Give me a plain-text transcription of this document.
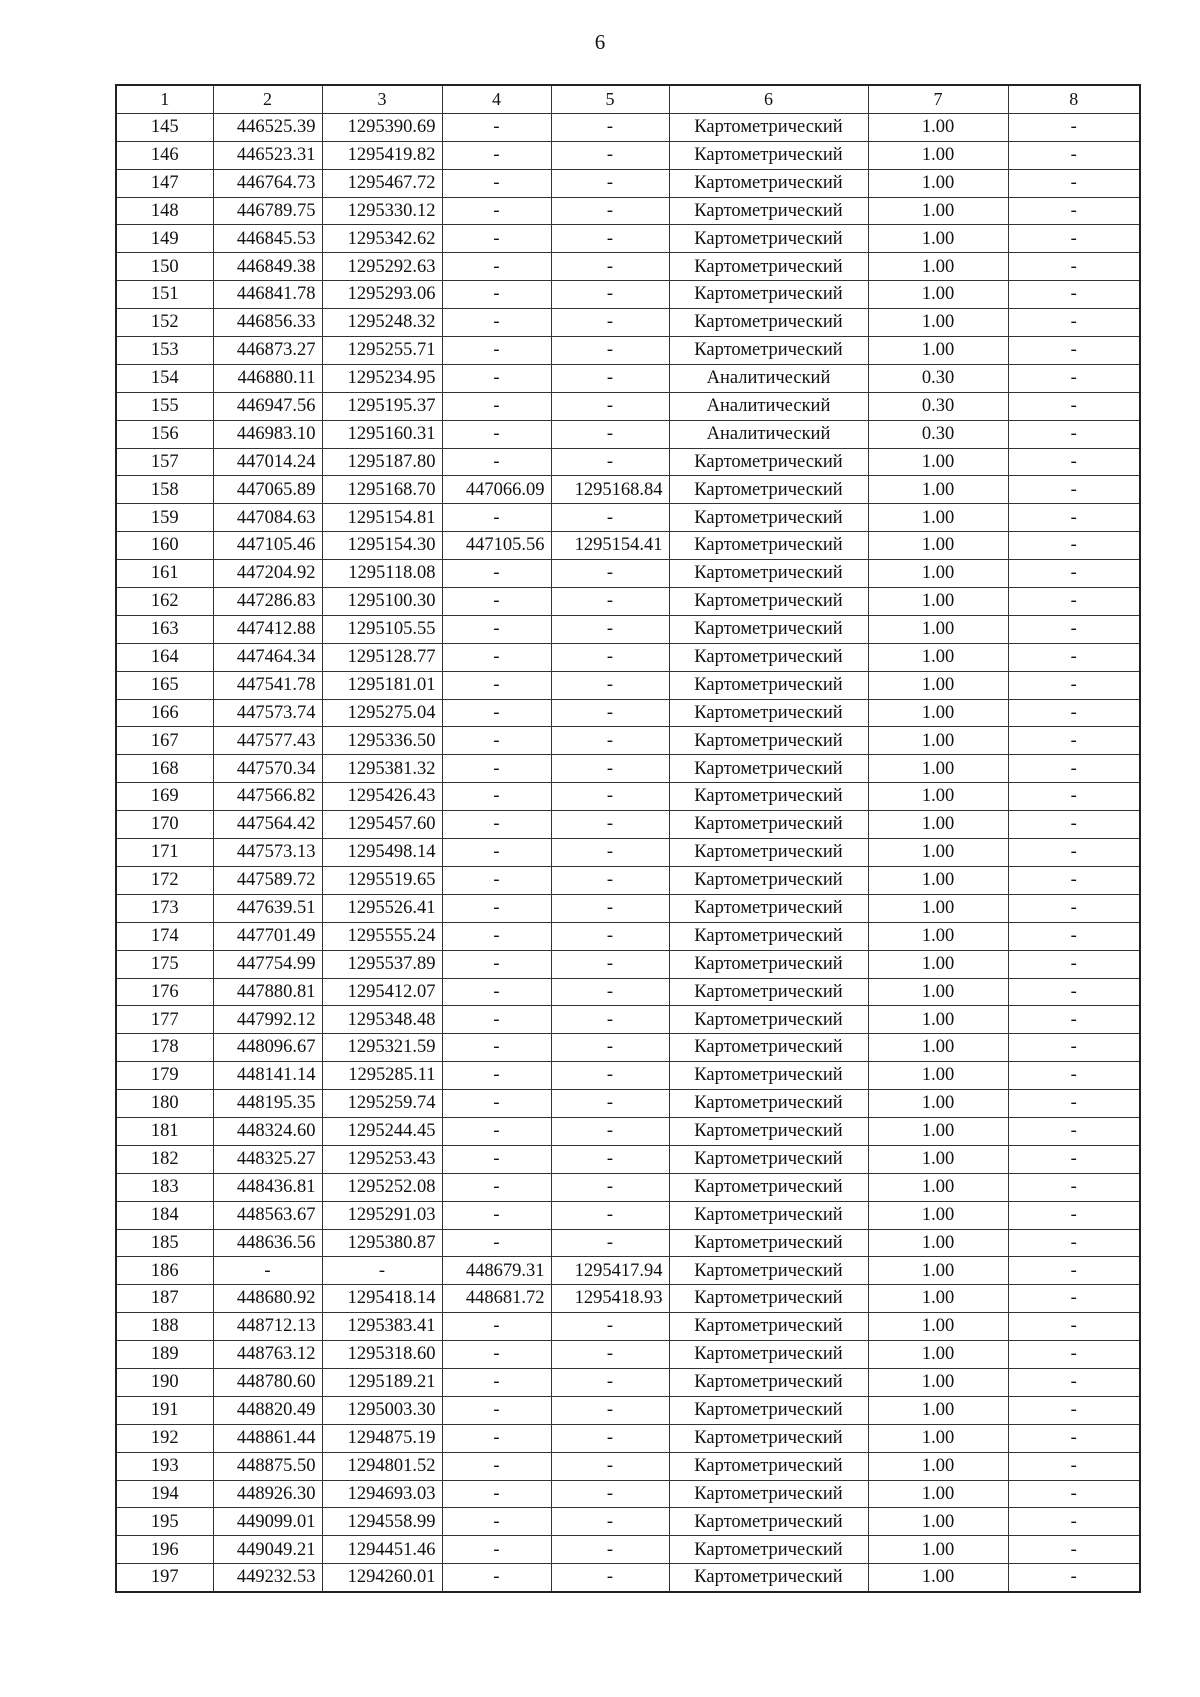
6
1	2	3	4	5	6	7	8
145	446525.39	1295390.69	-	-	Картометрический	1.00	-
146	446523.31	1295419.82	-	-	Картометрический	1.00	-
147	446764.73	1295467.72	-	-	Картометрический	1.00	-
148	446789.75	1295330.12	-	-	Картометрический	1.00	-
149	446845.53	1295342.62	-	-	Картометрический	1.00	-
150	446849.38	1295292.63	-	-	Картометрический	1.00	-
151	446841.78	1295293.06	-	-	Картометрический	1.00	-
152	446856.33	1295248.32	-	-	Картометрический	1.00	-
153	446873.27	1295255.71	-	-	Картометрический	1.00	-
154	446880.11	1295234.95	-	-	Аналитический	0.30	-
155	446947.56	1295195.37	-	-	Аналитический	0.30	-
156	446983.10	1295160.31	-	-	Аналитический	0.30	-
157	447014.24	1295187.80	-	-	Картометрический	1.00	-
158	447065.89	1295168.70	447066.09	1295168.84	Картометрический	1.00	-
159	447084.63	1295154.81	-	-	Картометрический	1.00	-
160	447105.46	1295154.30	447105.56	1295154.41	Картометрический	1.00	-
161	447204.92	1295118.08	-	-	Картометрический	1.00	-
162	447286.83	1295100.30	-	-	Картометрический	1.00	-
163	447412.88	1295105.55	-	-	Картометрический	1.00	-
164	447464.34	1295128.77	-	-	Картометрический	1.00	-
165	447541.78	1295181.01	-	-	Картометрический	1.00	-
166	447573.74	1295275.04	-	-	Картометрический	1.00	-
167	447577.43	1295336.50	-	-	Картометрический	1.00	-
168	447570.34	1295381.32	-	-	Картометрический	1.00	-
169	447566.82	1295426.43	-	-	Картометрический	1.00	-
170	447564.42	1295457.60	-	-	Картометрический	1.00	-
171	447573.13	1295498.14	-	-	Картометрический	1.00	-
172	447589.72	1295519.65	-	-	Картометрический	1.00	-
173	447639.51	1295526.41	-	-	Картометрический	1.00	-
174	447701.49	1295555.24	-	-	Картометрический	1.00	-
175	447754.99	1295537.89	-	-	Картометрический	1.00	-
176	447880.81	1295412.07	-	-	Картометрический	1.00	-
177	447992.12	1295348.48	-	-	Картометрический	1.00	-
178	448096.67	1295321.59	-	-	Картометрический	1.00	-
179	448141.14	1295285.11	-	-	Картометрический	1.00	-
180	448195.35	1295259.74	-	-	Картометрический	1.00	-
181	448324.60	1295244.45	-	-	Картометрический	1.00	-
182	448325.27	1295253.43	-	-	Картометрический	1.00	-
183	448436.81	1295252.08	-	-	Картометрический	1.00	-
184	448563.67	1295291.03	-	-	Картометрический	1.00	-
185	448636.56	1295380.87	-	-	Картометрический	1.00	-
186	-	-	448679.31	1295417.94	Картометрический	1.00	-
187	448680.92	1295418.14	448681.72	1295418.93	Картометрический	1.00	-
188	448712.13	1295383.41	-	-	Картометрический	1.00	-
189	448763.12	1295318.60	-	-	Картометрический	1.00	-
190	448780.60	1295189.21	-	-	Картометрический	1.00	-
191	448820.49	1295003.30	-	-	Картометрический	1.00	-
192	448861.44	1294875.19	-	-	Картометрический	1.00	-
193	448875.50	1294801.52	-	-	Картометрический	1.00	-
194	448926.30	1294693.03	-	-	Картометрический	1.00	-
195	449099.01	1294558.99	-	-	Картометрический	1.00	-
196	449049.21	1294451.46	-	-	Картометрический	1.00	-
197	449232.53	1294260.01	-	-	Картометрический	1.00	-
